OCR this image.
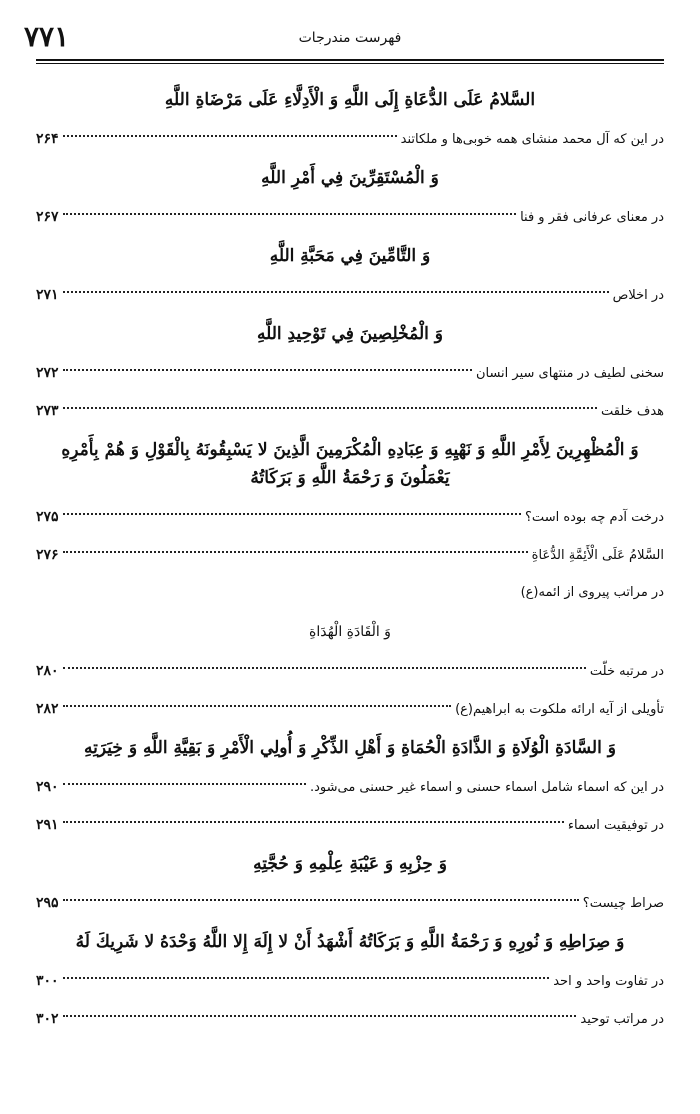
۷۷۱	فهرست مندرجات
السَّلامُ عَلَى الدُّعَاةِ إِلَى اللَّهِ وَ الْأَدِلَّاءِ عَلَى مَرْضَاةِ اللَّهِ
در این که آل محمد منشای همه خوبی‌ها و ملکاتند
۲۶۴
وَ الْمُسْتَقِرِّينَ فِي أَمْرِ اللَّهِ
در معنای عرفانی فقر و فنا
۲۶۷
وَ التَّامِّينَ فِي مَحَبَّةِ اللَّهِ
در اخلاص
۲۷۱
وَ الْمُخْلِصِينَ فِي تَوْحِيدِ اللَّهِ
سخنی لطیف در منتهای سیر انسان
۲۷۲
هدف خلقت
۲۷۳
وَ الْمُظْهِرِينَ لِأَمْرِ اللَّهِ وَ نَهْيِهِ وَ عِبَادِهِ الْمُكْرَمِينَ الَّذِينَ لا يَسْبِقُونَهُ بِالْقَوْلِ وَ هُمْ بِأَمْرِهِ يَعْمَلُونَ وَ رَحْمَةُ اللَّهِ وَ بَرَكَاتُهُ
درخت آدم چه بوده است؟
۲۷۵
السَّلامُ عَلَى الْأَئِمَّةِ الدُّعَاةِ
۲۷۶
در مراتب پیروی از ائمه(ع)
وَ الْقَادَةِ الْهُدَاةِ
در مرتبه خلّت
۲۸۰
تأویلی از آیه ارائه ملکوت به ابراهیم(ع)
۲۸۲
وَ السَّادَةِ الْوُلَاةِ وَ الذَّادَةِ الْحُمَاةِ وَ أَهْلِ الذِّكْرِ وَ أُولِي الْأَمْرِ وَ بَقِيَّةِ اللَّهِ وَ خِيَرَتِهِ
در این که اسماء شامل اسماء حسنی و اسماء غیر حسنی می‌شود.
۲۹۰
در توفیقیت اسماء
۲۹۱
وَ حِزْبِهِ وَ عَيْبَةِ عِلْمِهِ وَ حُجَّتِهِ
صراط چیست؟
۲۹۵
وَ صِرَاطِهِ وَ نُورِهِ وَ رَحْمَةُ اللَّهِ وَ بَرَكَاتُهُ أَشْهَدُ أَنْ لا إِلَهَ إِلا اللَّهُ وَحْدَهُ لا شَرِيكَ لَهُ
در تفاوت واحد و احد
۳۰۰
در مراتب توحید
۳۰۲
